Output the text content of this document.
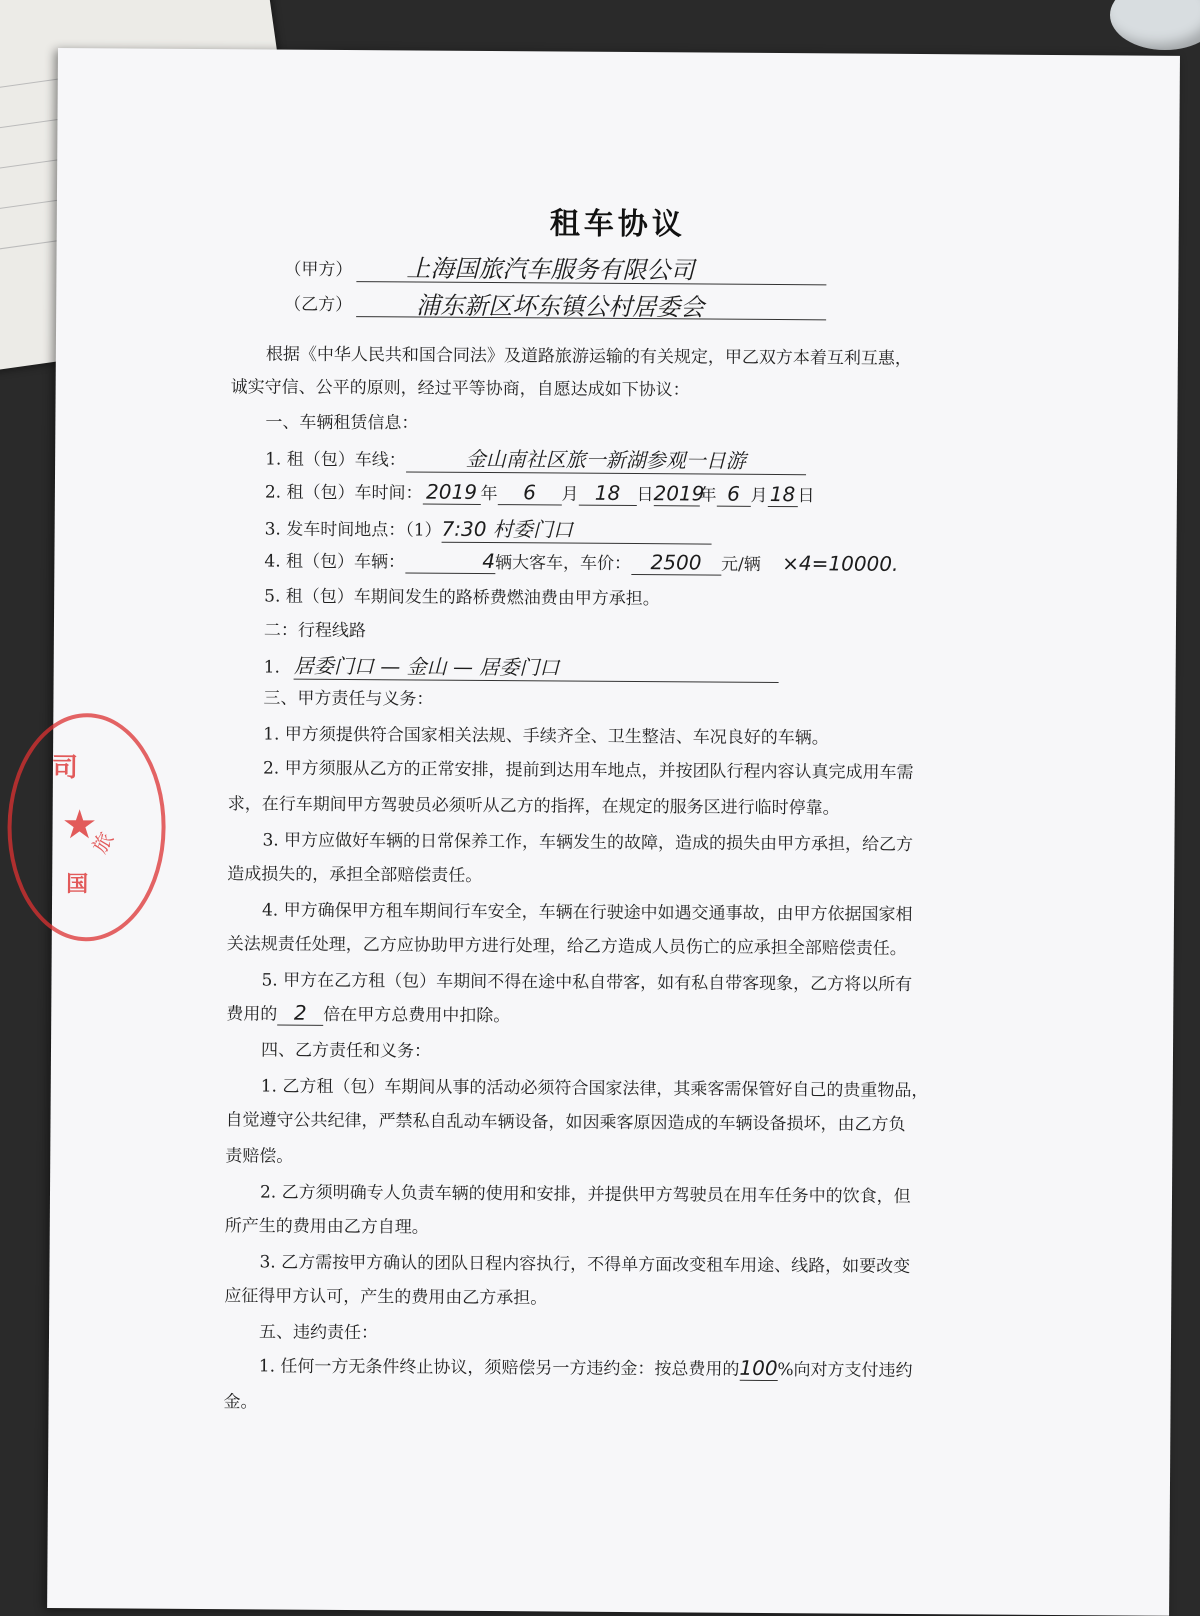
租车协议
（甲方） 上海国旅汽车服务有限公司
（乙方）	浦东新区坏东镇公村居委会
根据《中华人民共和国合同法》及道路旅游运输的有关规定，甲乙双方本着互利互惠，
诚实守信、公平的原则，经过平等协商，自愿达成如下协议：
一、车辆租赁信息：
1. 租（包）车线：	金山南社区旅一新湖参观一日游
2. 租（包）车时间： 2019 年 6 月 18 日2019年 6 月 18 日
3. 发车时间地点：（1）7:30 村委门口
4. 租（包）车辆：	4辆大客车，车价： 2500 元/辆 ×4=10000.
5. 租（包）车期间发生的路桥费燃油费由甲方承担。
二：行程线路
1. 居委门口 — 金山 — 居委门口
三、甲方责任与义务：
1. 甲方须提供符合国家相关法规、手续齐全、卫生整洁、车况良好的车辆。
2. 甲方须服从乙方的正常安排，提前到达用车地点，并按团队行程内容认真完成用车需
求，在行车期间甲方驾驶员必须听从乙方的指挥，在规定的服务区进行临时停靠。
3. 甲方应做好车辆的日常保养工作，车辆发生的故障，造成的损失由甲方承担，给乙方
造成损失的，承担全部赔偿责任。
4. 甲方确保甲方租车期间行车安全，车辆在行驶途中如遇交通事故，由甲方依据国家相
关法规责任处理，乙方应协助甲方进行处理，给乙方造成人员伤亡的应承担全部赔偿责任。
5. 甲方在乙方租（包）车期间不得在途中私自带客，如有私自带客现象，乙方将以所有
费用的 2 倍在甲方总费用中扣除。
四、乙方责任和义务：
1. 乙方租（包）车期间从事的活动必须符合国家法律，其乘客需保管好自己的贵重物品，
自觉遵守公共纪律，严禁私自乱动车辆设备，如因乘客原因造成的车辆设备损坏，由乙方负
责赔偿。
2. 乙方须明确专人负责车辆的使用和安排，并提供甲方驾驶员在用车任务中的饮食，但
所产生的费用由乙方自理。
3. 乙方需按甲方确认的团队日程内容执行，不得单方面改变租车用途、线路，如要改变
应征得甲方认可，产生的费用由乙方承担。
五、违约责任：
1. 任何一方无条件终止协议，须赔偿另一方违约金：按总费用的100%向对方支付违约
金。
司
★
旅
国
